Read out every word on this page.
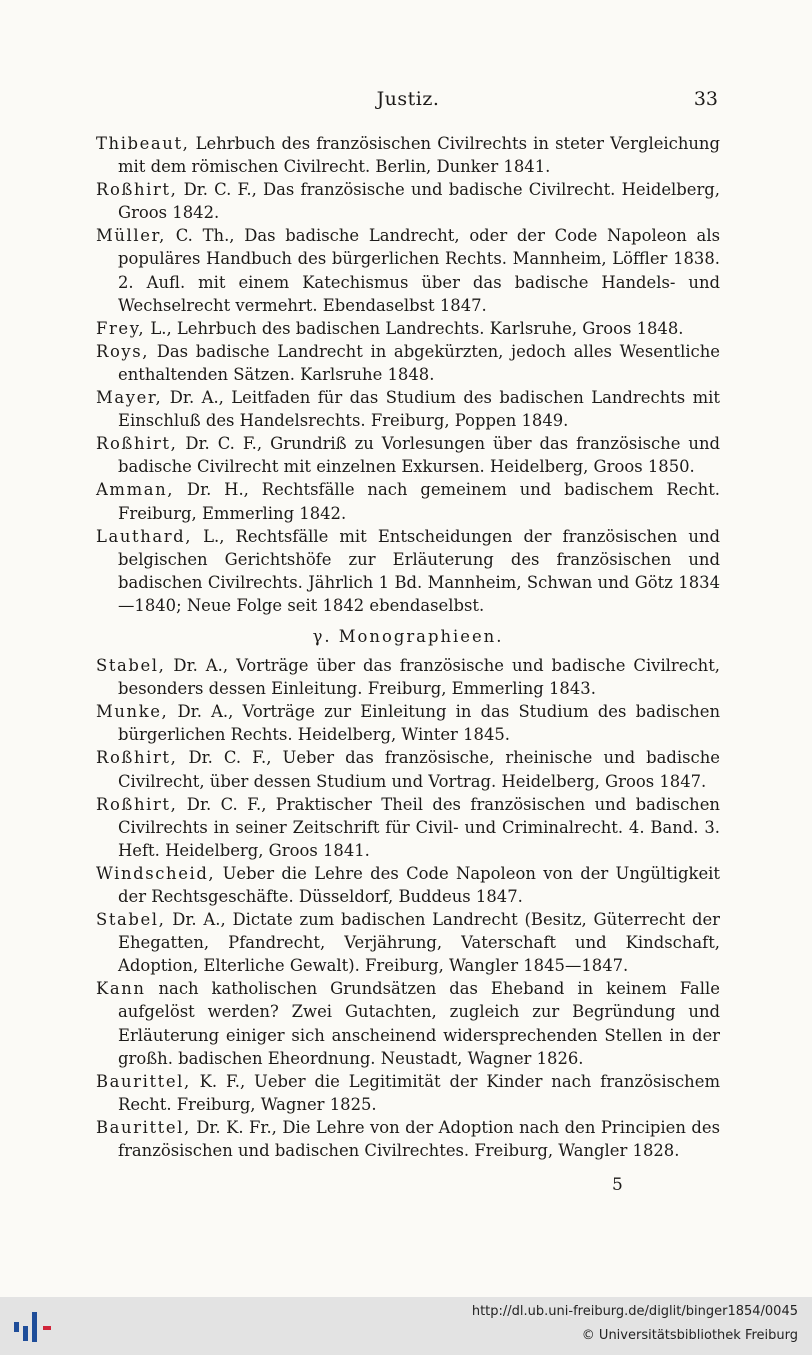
Justiz.	33
Thibeaut, Lehrbuch des französischen Civilrechts in steter Vergleichung mit dem römischen Civilrecht. Berlin, Dunker 1841.
Roßhirt, Dr. C. F., Das französische und badische Civilrecht. Heidelberg, Groos 1842.
Müller, C. Th., Das badische Landrecht, oder der Code Napoleon als populäres Handbuch des bürgerlichen Rechts. Mannheim, Löffler 1838. 2. Aufl. mit einem Katechismus über das badische Handels- und Wechselrecht vermehrt. Ebendaselbst 1847.
Frey, L., Lehrbuch des badischen Landrechts. Karlsruhe, Groos 1848.
Roys, Das badische Landrecht in abgekürzten, jedoch alles Wesentliche enthaltenden Sätzen. Karlsruhe 1848.
Mayer, Dr. A., Leitfaden für das Studium des badischen Landrechts mit Einschluß des Handelsrechts. Freiburg, Poppen 1849.
Roßhirt, Dr. C. F., Grundriß zu Vorlesungen über das französische und badische Civilrecht mit einzelnen Exkursen. Heidelberg, Groos 1850.
Amman, Dr. H., Rechtsfälle nach gemeinem und badischem Recht. Freiburg, Emmerling 1842.
Lauthard, L., Rechtsfälle mit Entscheidungen der französischen und belgischen Gerichtshöfe zur Erläuterung des französischen und badischen Civilrechts. Jährlich 1 Bd. Mannheim, Schwan und Götz 1834—1840; Neue Folge seit 1842 ebendaselbst.
γ. Monographieen.
Stabel, Dr. A., Vorträge über das französische und badische Civilrecht, besonders dessen Einleitung. Freiburg, Emmerling 1843.
Munke, Dr. A., Vorträge zur Einleitung in das Studium des badischen bürgerlichen Rechts. Heidelberg, Winter 1845.
Roßhirt, Dr. C. F., Ueber das französische, rheinische und badische Civilrecht, über dessen Studium und Vortrag. Heidelberg, Groos 1847.
Roßhirt, Dr. C. F., Praktischer Theil des französischen und badischen Civilrechts in seiner Zeitschrift für Civil- und Criminalrecht. 4. Band. 3. Heft. Heidelberg, Groos 1841.
Windscheid, Ueber die Lehre des Code Napoleon von der Ungültigkeit der Rechtsgeschäfte. Düsseldorf, Buddeus 1847.
Stabel, Dr. A., Dictate zum badischen Landrecht (Besitz, Güterrecht der Ehegatten, Pfandrecht, Verjährung, Vaterschaft und Kindschaft, Adoption, Elterliche Gewalt). Freiburg, Wangler 1845—1847.
Kann nach katholischen Grundsätzen das Eheband in keinem Falle aufgelöst werden? Zwei Gutachten, zugleich zur Begründung und Erläuterung einiger sich anscheinend widersprechenden Stellen in der großh. badischen Eheordnung. Neustadt, Wagner 1826.
Baurittel, K. F., Ueber die Legitimität der Kinder nach französischem Recht. Freiburg, Wagner 1825.
Baurittel, Dr. K. Fr., Die Lehre von der Adoption nach den Principien des französischen und badischen Civilrechtes. Freiburg, Wangler 1828.
5
http://dl.ub.uni-freiburg.de/diglit/binger1854/0045
© Universitätsbibliothek Freiburg
